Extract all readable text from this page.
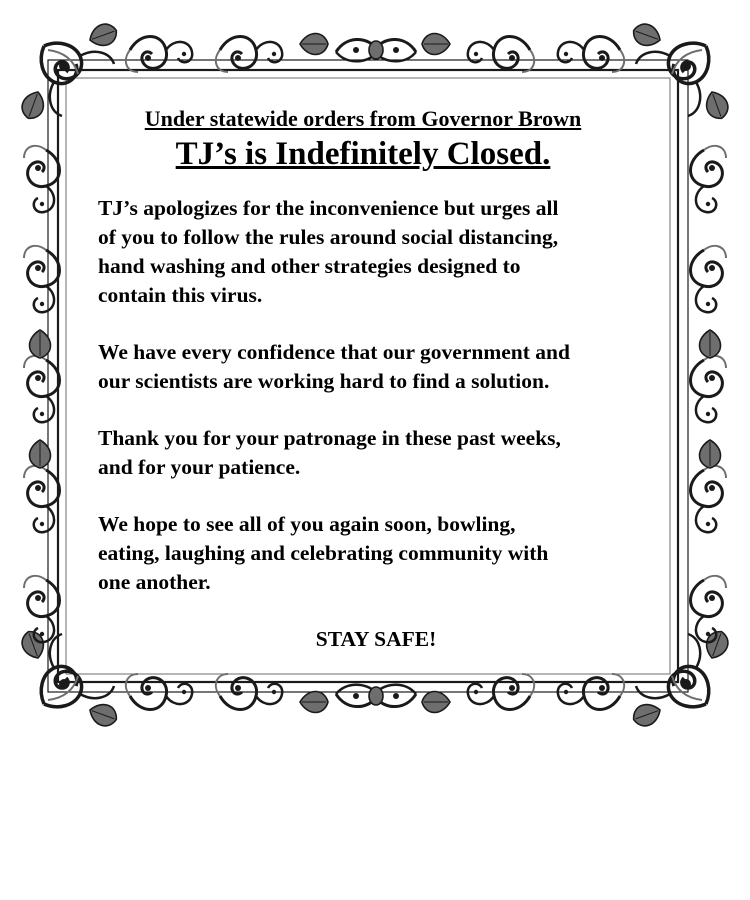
Under statewide orders from Governor Brown

TJ’s is Indefinitely Closed.

TJ’s apologizes for the inconvenience but urges all
of you to follow the rules around social distancing,
hand washing and other strategies designed to
contain this virus.

We have every confidence that our government and
our scientists are working hard to find a solution.

Thank you for your patronage in these past weeks,
and for your patience.

We hope to see all of you again soon, bowling,
eating, laughing and celebrating community with
one another.

STAY SAFE!
